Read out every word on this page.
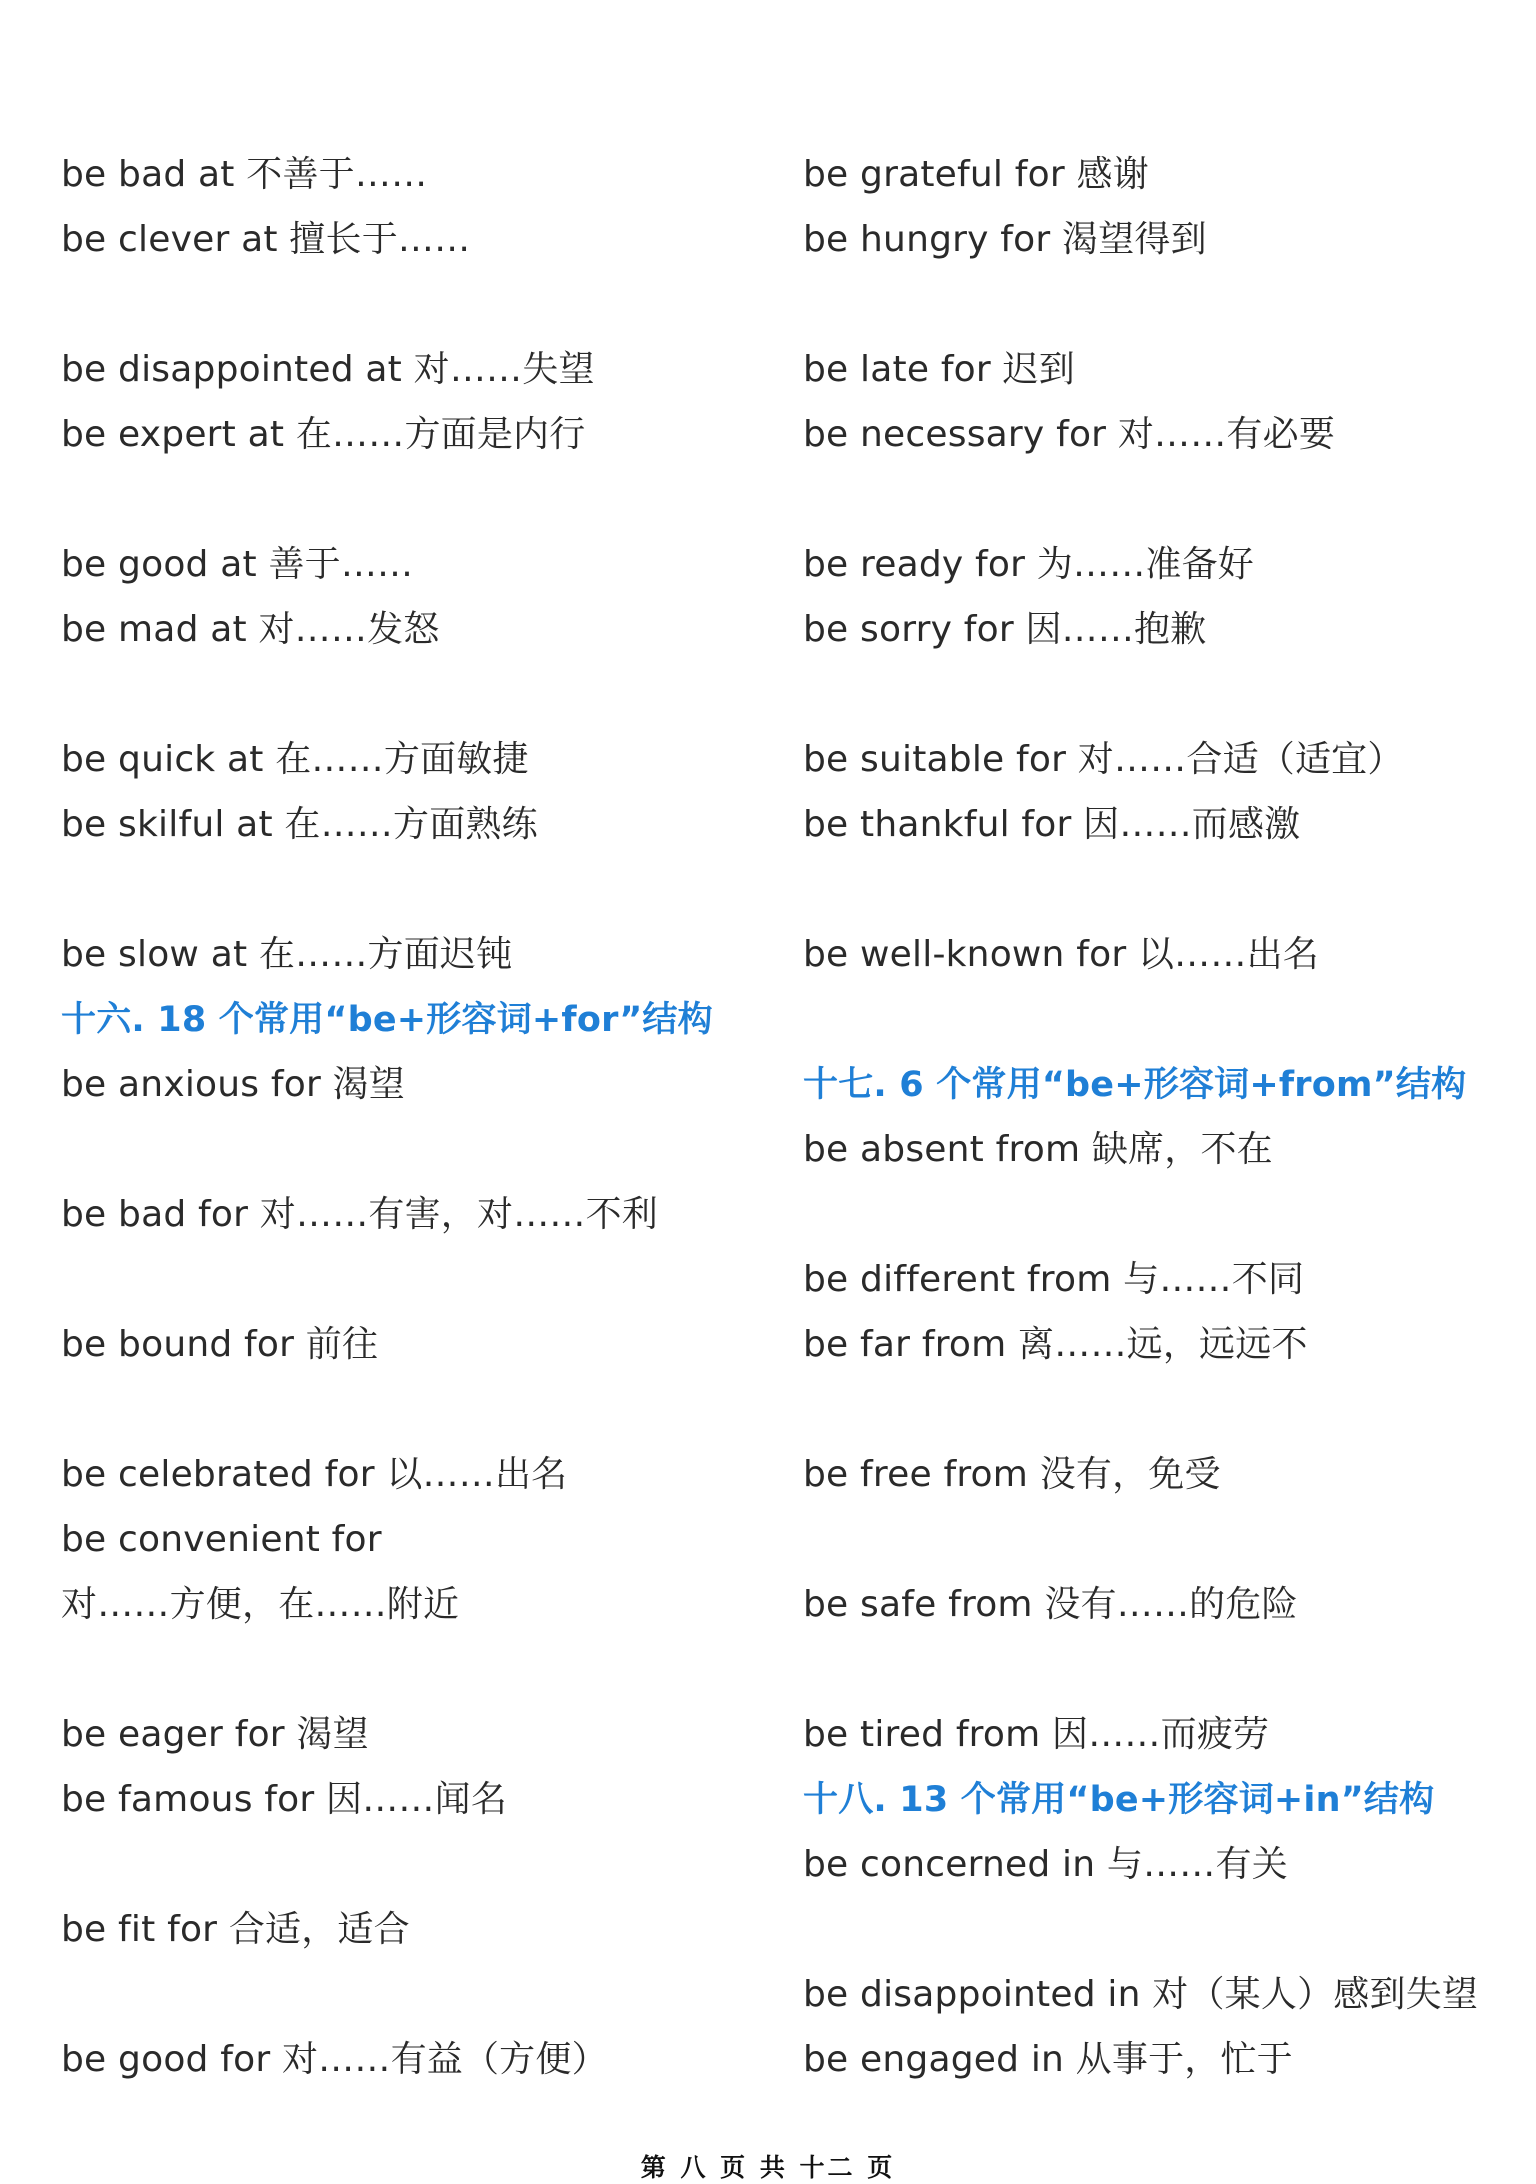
be bad at 不善于……
be clever at 擅长于……
be disappointed at 对……失望
be expert at 在……方面是内行
be good at 善于……
be mad at 对……发怒
be quick at 在……方面敏捷
be skilful at 在……方面熟练
be slow at 在……方面迟钝
十六. 18 个常用“be+形容词+for”结构
be anxious for 渴望
be bad for 对……有害，对……不利
be bound for 前往
be celebrated for 以……出名
be convenient for
对……方便，在……附近
be eager for 渴望
be famous for 因……闻名
be fit for 合适，适合
be good for 对……有益（方便）
be grateful for 感谢
be hungry for 渴望得到
be late for 迟到
be necessary for 对……有必要
be ready for 为……准备好
be sorry for 因……抱歉
be suitable for 对……合适（适宜）
be thankful for 因……而感激
be well-known for 以……出名
十七. 6 个常用“be+形容词+from”结构
be absent from 缺席，不在
be different from 与……不同
be far from 离……远，远远不
be free from 没有，免受
be safe from 没有……的危险
be tired from 因……而疲劳
十八. 13 个常用“be+形容词+in”结构
be concerned in 与……有关
be disappointed in 对（某人）感到失望
be engaged in 从事于，忙于
第 八 页 共 十二 页
